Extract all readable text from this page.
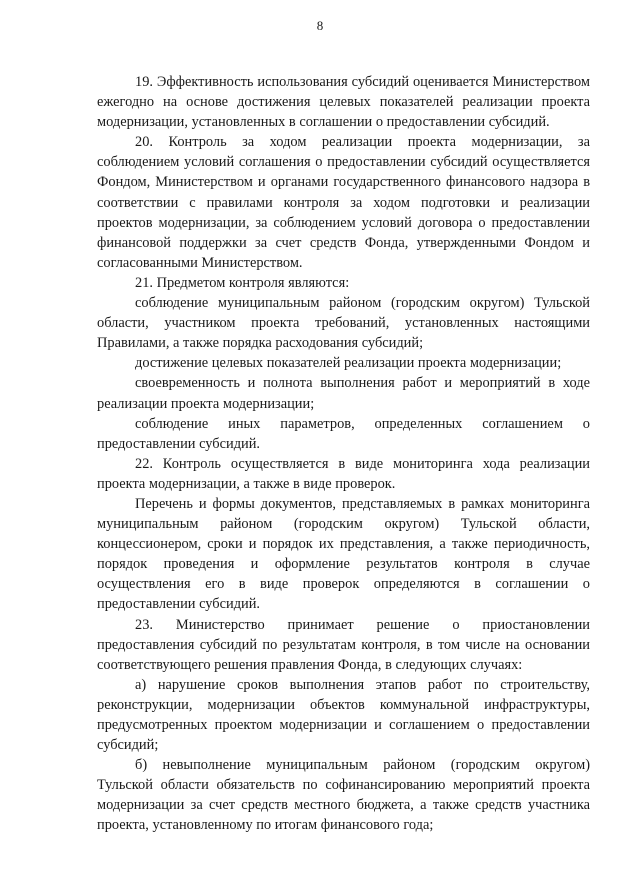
8

19. Эффективность использования субсидий оценивается Министерством ежегодно на основе достижения целевых показателей реализации проекта модернизации, установленных в соглашении о предоставлении субсидий.

20. Контроль за ходом реализации проекта модернизации, за соблюдением условий соглашения о предоставлении субсидий осуществляется Фондом, Министерством и органами государственного финансового надзора в соответствии с правилами контроля за ходом подготовки и реализации проектов модернизации, за соблюдением условий договора о предоставлении финансовой поддержки за счет средств Фонда, утвержденными Фондом и согласованными Министерством.

21. Предметом контроля являются:

соблюдение муниципальным районом (городским округом) Тульской области, участником проекта требований, установленных настоящими Правилами, а также порядка расходования субсидий;

достижение целевых показателей реализации проекта модернизации;

своевременность и полнота выполнения работ и мероприятий в ходе реализации проекта модернизации;

соблюдение иных параметров, определенных соглашением о предоставлении субсидий.

22. Контроль осуществляется в виде мониторинга хода реализации проекта модернизации, а также в виде проверок.

Перечень и формы документов, представляемых в рамках мониторинга муниципальным районом (городским округом) Тульской области, концессионером, сроки и порядок их представления, а также периодичность, порядок проведения и оформление результатов контроля в случае осуществления его в виде проверок определяются в соглашении о предоставлении субсидий.

23. Министерство принимает решение о приостановлении предоставления субсидий по результатам контроля, в том числе на основании соответствующего решения правления Фонда, в следующих случаях:

а) нарушение сроков выполнения этапов работ по строительству, реконструкции, модернизации объектов коммунальной инфраструктуры, предусмотренных проектом модернизации и соглашением о предоставлении субсидий;

б) невыполнение муниципальным районом (городским округом) Тульской области обязательств по софинансированию мероприятий проекта модернизации за счет средств местного бюджета, а также средств участника проекта, установленному по итогам финансового года;
